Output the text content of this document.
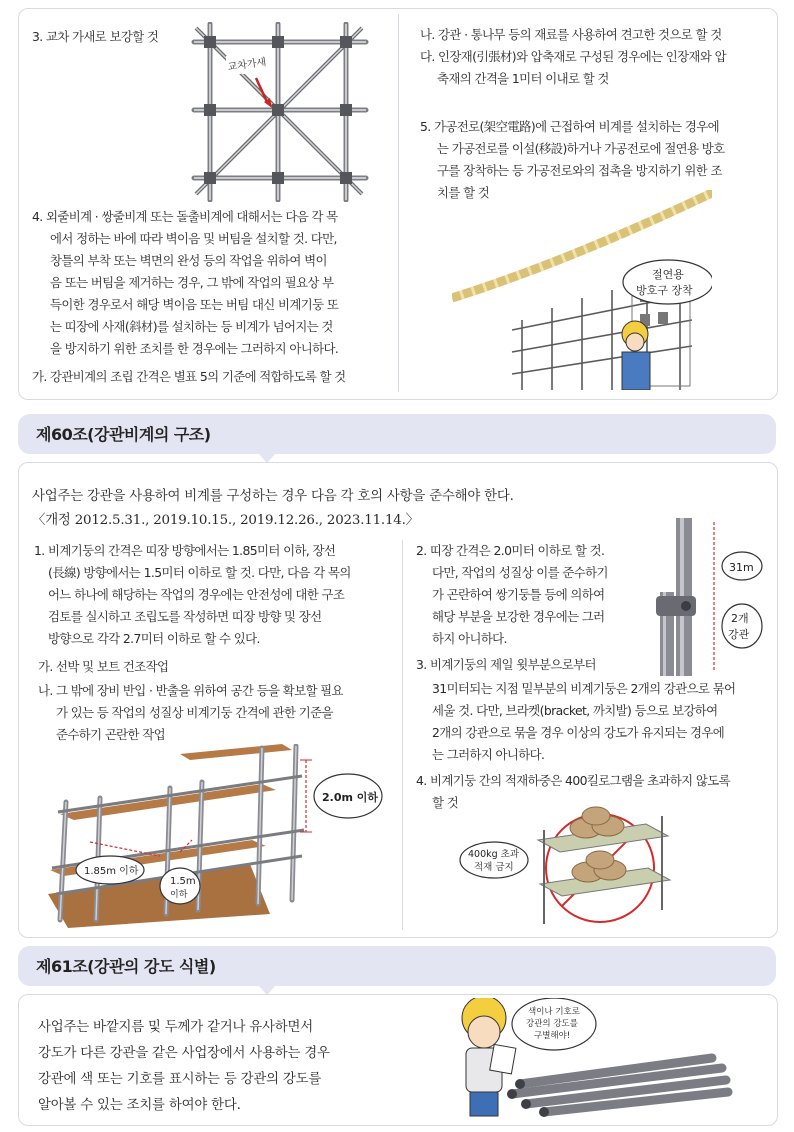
3. 교차 가새로 보강할 것
교차가새
4. 외줄비계 · 쌍줄비계 또는 돌출비계에 대해서는 다음 각 목
에서 정하는 바에 따라 벽이음 및 버팀을 설치할 것. 다만,
창틀의 부착 또는 벽면의 완성 등의 작업을 위하여 벽이
음 또는 버팀을 제거하는 경우, 그 밖에 작업의 필요상 부
득이한 경우로서 해당 벽이음 또는 버팀 대신 비계기둥 또
는 띠장에 사재(斜材)를 설치하는 등 비계가 넘어지는 것
을 방지하기 위한 조치를 한 경우에는 그러하지 아니하다.
가. 강관비계의 조립 간격은 별표 5의 기준에 적합하도록 할 것
나. 강관 · 통나무 등의 재료를 사용하여 견고한 것으로 할 것
다. 인장재(引張材)와 압축재로 구성된 경우에는 인장재와 압
축재의 간격을 1미터 이내로 할 것
5. 가공전로(架空電路)에 근접하여 비계를 설치하는 경우에
는 가공전로를 이설(移設)하거나 가공전로에 절연용 방호
구를 장착하는 등 가공전로와의 접촉을 방지하기 위한 조
치를 할 것
절연용
방호구 장착
제60조(강관비계의 구조)
사업주는 강관을 사용하여 비계를 구성하는 경우 다음 각 호의 사항을 준수해야 한다.
〈개정 2012.5.31., 2019.10.15., 2019.12.26., 2023.11.14.〉
1. 비계기둥의 간격은 띠장 방향에서는 1.85미터 이하, 장선
(長線) 방향에서는 1.5미터 이하로 할 것. 다만, 다음 각 목의
어느 하나에 해당하는 작업의 경우에는 안전성에 대한 구조
검토를 실시하고 조립도를 작성하면 띠장 방향 및 장선
방향으로 각각 2.7미터 이하로 할 수 있다.
가. 선박 및 보트 건조작업
나. 그 밖에 장비 반입 · 반출을 위하여 공간 등을 확보할 필요
가 있는 등 작업의 성질상 비계기둥 간격에 관한 기준을
준수하기 곤란한 작업
2.0m 이하
1.85m 이하
1.5m
이하
2. 띠장 간격은 2.0미터 이하로 할 것.
다만, 작업의 성질상 이를 준수하기
가 곤란하여 쌍기둥틀 등에 의하여
해당 부분을 보강한 경우에는 그러
하지 아니하다.
3. 비계기둥의 제일 윗부분으로부터
31미터되는 지점 밑부분의 비계기둥은 2개의 강관으로 묶어
세울 것. 다만, 브라켓(bracket, 까치발) 등으로 보강하여
2개의 강관으로 묶을 경우 이상의 강도가 유지되는 경우에
는 그러하지 아니하다.
4. 비계기둥 간의 적재하중은 400킬로그램을 초과하지 않도록
할 것
31m
2개
강관
400kg 초과
적재 금지
제61조(강관의 강도 식별)
사업주는 바깥지름 및 두께가 같거나 유사하면서
강도가 다른 강관을 같은 사업장에서 사용하는 경우
강관에 색 또는 기호를 표시하는 등 강관의 강도를
알아볼 수 있는 조치를 하여야 한다.
색이나 기호로
강관의 강도를
구별해야!
